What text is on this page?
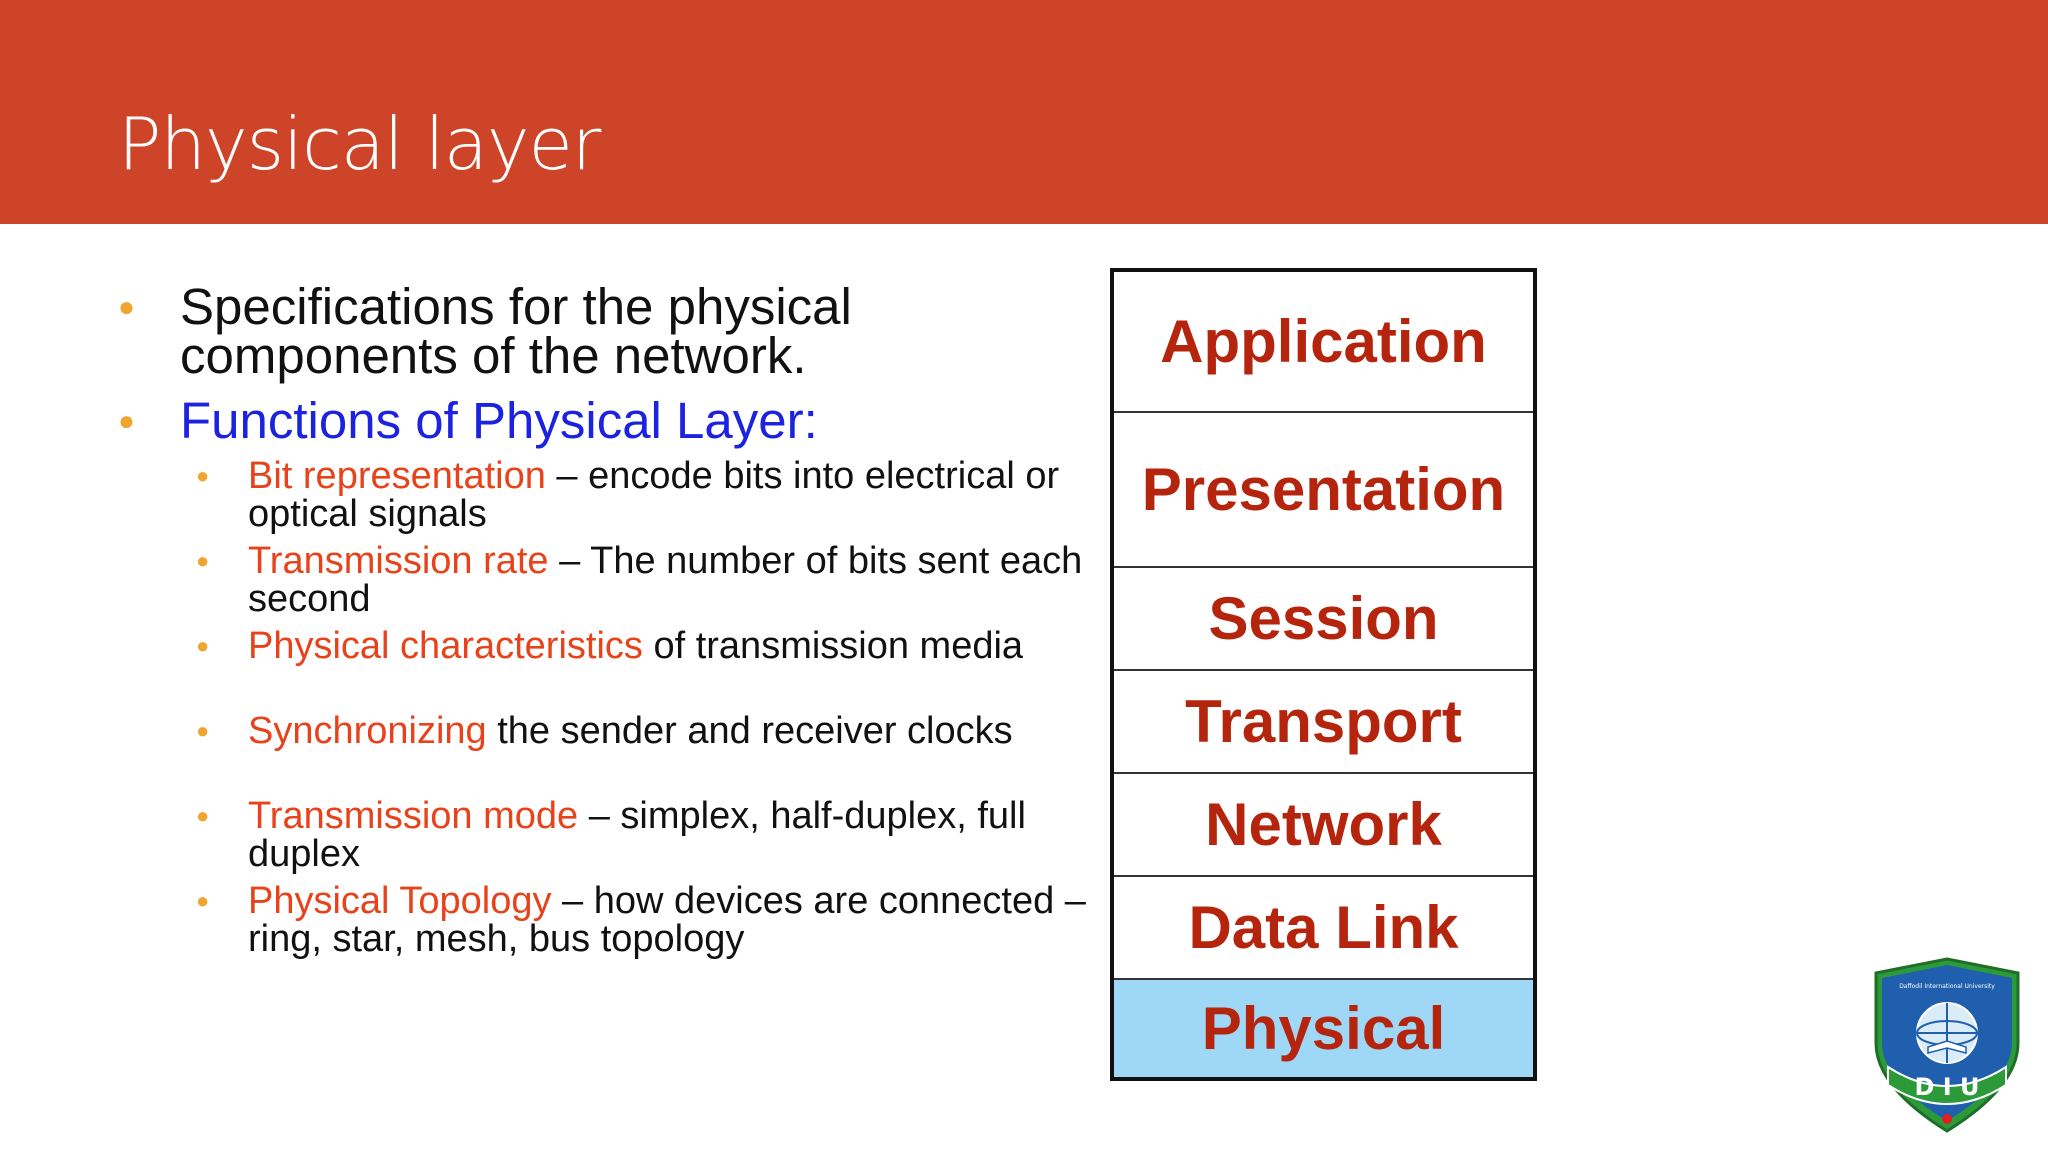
Physical layer
● Specifications for the physical components of the network.
● Functions of Physical Layer:
● Bit representation – encode bits into electrical or optical signals
● Transmission rate – The number of bits sent each second
● Physical characteristics of transmission media
● Synchronizing the sender and receiver clocks
● Transmission mode – simplex, half-duplex, full duplex
● Physical Topology – how devices are connected – ring, star, mesh, bus topology
Application
Presentation
Session
Transport
Network
Data Link
Physical
Daffodil International University
D I U
